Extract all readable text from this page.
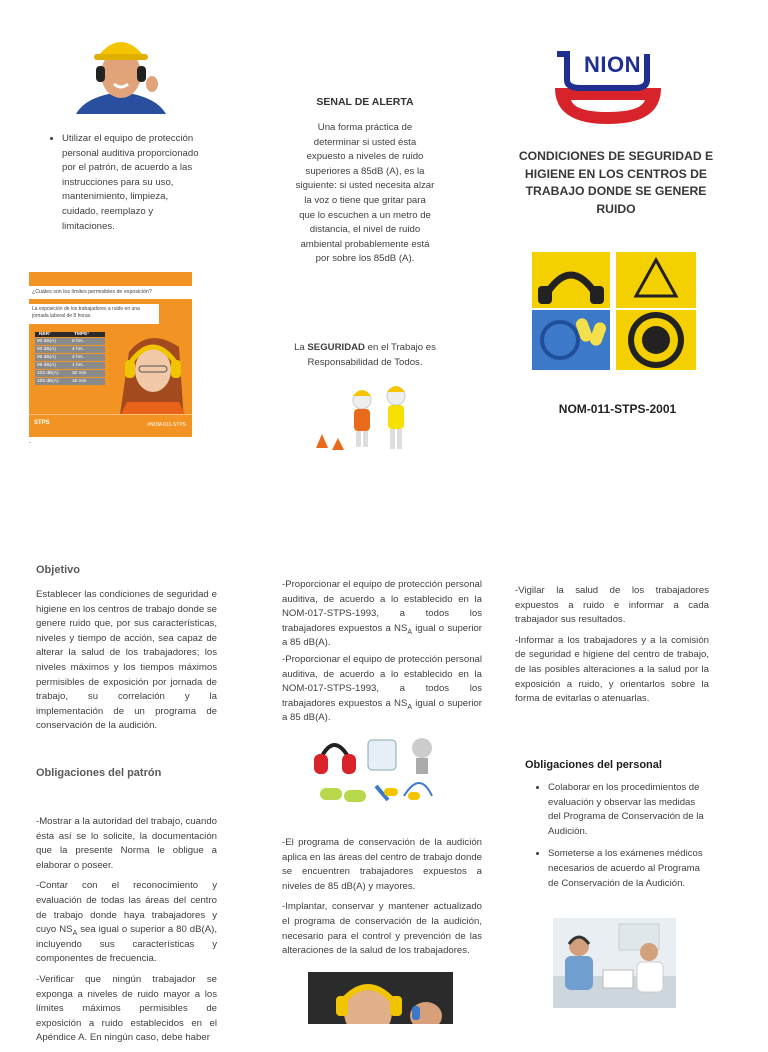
• Utilizar el equipo de protección personal auditiva proporcionado por el patrón, de acuerdo a las instrucciones para su uso, mantenimiento, limpieza, cuidado, reemplazo y limitaciones.
¿Cuáles son los límites permisibles de exposición?
La exposición de los trabajadores a ruido en una jornada laboral de 8 horas.
NER¹	TMPE²
90 dB(A)	8 hrs.
93 dB(A)	4 hrs.
96 dB(A)	2 hrs.
99 dB(A)	1 hrs.
102 dB(A)	30 min
105 dB(A)	15 min
STPS	#NOM-011-STPS
.
SENAL DE ALERTA
Una forma práctica de determinar si usted ésta expuesto a niveles de ruido superiores a 85dB (A), es la siguiente: si usted necesita alzar la voz o tiene que gritar para que lo escuchen a un metro de distancia, el nivel de ruido ambiental probablemente está por sobre los 85dB (A).
La SEGURIDAD en el Trabajo es Responsabilidad de Todos.
NION
CONDICIONES DE SEGURIDAD E HIGIENE EN LOS CENTROS DE TRABAJO DONDE SE GENERE RUIDO
NOM-011-STPS-2001
Objetivo
Establecer las condiciones de seguridad e higiene en los centros de trabajo donde se genere ruido que, por sus características, niveles y tiempo de acción, sea capaz de alterar la salud de los trabajadores; los niveles máximos y los tiempos máximos permisibles de exposición por jornada de trabajo, su correlación y la implementación de un programa de conservación de la audición.
Obligaciones del patrón

-Mostrar a la autoridad del trabajo, cuando ésta así se lo solicite, la documentación que la presente Norma le obligue a elaborar o poseer.

-Contar con el reconocimiento y evaluación de todas las áreas del centro de trabajo donde haya trabajadores y cuyo $NS_A$ sea igual o superior a 80 dB(A), incluyendo sus características y componentes de frecuencia.

-Verificar que ningún trabajador se exponga a niveles de ruido mayor a los límites máximos permisibles de exposición a ruido establecidos en el Apéndice A. En ningún caso, debe haber

-Proporcionar el equipo de protección personal auditiva, de acuerdo a lo establecido en la NOM-017-STPS-1993, a todos los trabajadores expuestos a $NS_A$ igual o superior a 85 dB(A).

-Proporcionar el equipo de protección personal auditiva, de acuerdo a lo establecido en la NOM-017-STPS-1993, a todos los trabajadores expuestos a $NS_A$ igual o superior a 85 dB(A).

-El programa de conservación de la audición aplica en las áreas del centro de trabajo donde se encuentren trabajadores expuestos a niveles de 85 dB(A) y mayores.

-Implantar, conservar y mantener actualizado el programa de conservación de la audición, necesario para el control y prevención de las alteraciones de la salud de los trabajadores.

-Vigilar la salud de los trabajadores expuestos a ruido e informar a cada trabajador sus resultados.

-Informar a los trabajadores y a la comisión de seguridad e higiene del centro de trabajo, de las posibles alteraciones a la salud por la exposición a ruido, y orientarlos sobre la forma de evitarlas o atenuarlas.

Obligaciones del personal
• Colaborar en los procedimientos de evaluación y observar las medidas del Programa de Conservación de la Audición.
• Someterse a los exámenes médicos necesarios de acuerdo al Programa de Conservación de la Audición.
